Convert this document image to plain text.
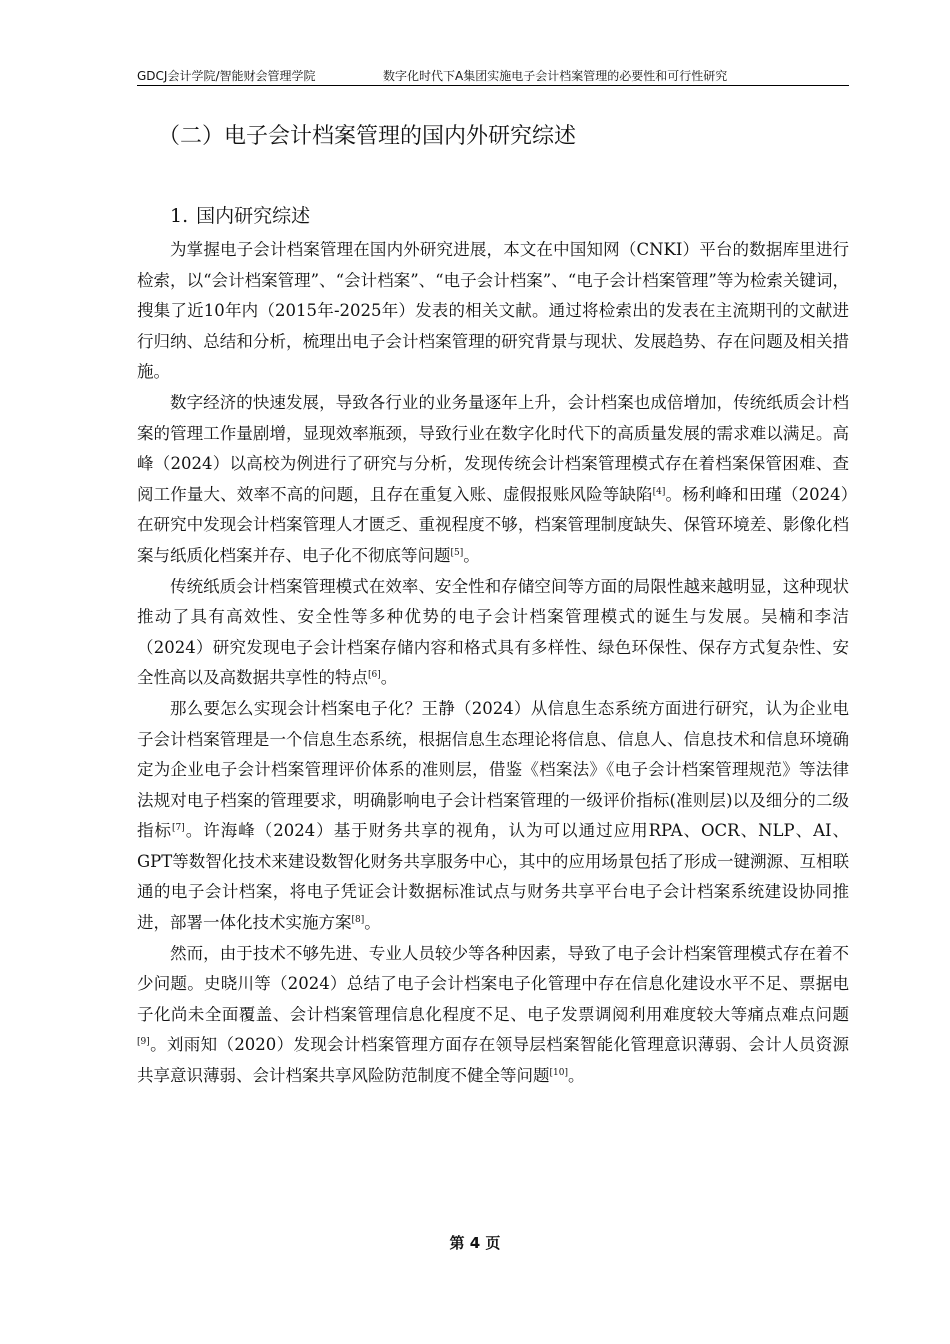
GDCJ会计学院/智能财会管理学院	数字化时代下A集团实施电子会计档案管理的必要性和可行性研究
（二）电子会计档案管理的国内外研究综述
1. 国内研究综述

为掌握电子会计档案管理在国内外研究进展，本文在中国知网（CNKI）平台的数据库里进行检索，以“会计档案管理”、“会计档案”、“电子会计档案”、“电子会计档案管理”等为检索关键词，搜集了近10年内（2015年-2025年）发表的相关文献。通过将检索出的发表在主流期刊的文献进行归纳、总结和分析，梳理出电子会计档案管理的研究背景与现状、发展趋势、存在问题及相关措施。

数字经济的快速发展，导致各行业的业务量逐年上升，会计档案也成倍增加，传统纸质会计档案的管理工作量剧增，显现效率瓶颈，导致行业在数字化时代下的高质量发展的需求难以满足。高峰（2024）以高校为例进行了研究与分析，发现传统会计档案管理模式存在着档案保管困难、查阅工作量大、效率不高的问题，且存在重复入账、虚假报账风险等缺陷[4]。杨利峰和田瑾（2024）在研究中发现会计档案管理人才匮乏、重视程度不够，档案管理制度缺失、保管环境差、影像化档案与纸质化档案并存、电子化不彻底等问题[5]。

传统纸质会计档案管理模式在效率、安全性和存储空间等方面的局限性越来越明显，这种现状推动了具有高效性、安全性等多种优势的电子会计档案管理模式的诞生与发展。吴楠和李洁（2024）研究发现电子会计档案存储内容和格式具有多样性、绿色环保性、保存方式复杂性、安全性高以及高数据共享性的特点[6]。

那么要怎么实现会计档案电子化？王静（2024）从信息生态系统方面进行研究，认为企业电子会计档案管理是一个信息生态系统，根据信息生态理论将信息、信息人、信息技术和信息环境确定为企业电子会计档案管理评价体系的准则层，借鉴《档案法》《电子会计档案管理规范》等法律法规对电子档案的管理要求，明确影响电子会计档案管理的一级评价指标(准则层)以及细分的二级指标[7]。许海峰（2024）基于财务共享的视角，认为可以通过应用RPA、OCR、NLP、AI、GPT等数智化技术来建设数智化财务共享服务中心，其中的应用场景包括了形成一键溯源、互相联通的电子会计档案，将电子凭证会计数据标准试点与财务共享平台电子会计档案系统建设协同推进，部署一体化技术实施方案[8]。

然而，由于技术不够先进、专业人员较少等各种因素，导致了电子会计档案管理模式存在着不少问题。史晓川等（2024）总结了电子会计档案电子化管理中存在信息化建设水平不足、票据电子化尚未全面覆盖、会计档案管理信息化程度不足、电子发票调阅利用难度较大等痛点难点问题[9]。刘雨知（2020）发现会计档案管理方面存在领导层档案智能化管理意识薄弱、会计人员资源共享意识薄弱、会计档案共享风险防范制度不健全等问题[10]。

第 4 页
